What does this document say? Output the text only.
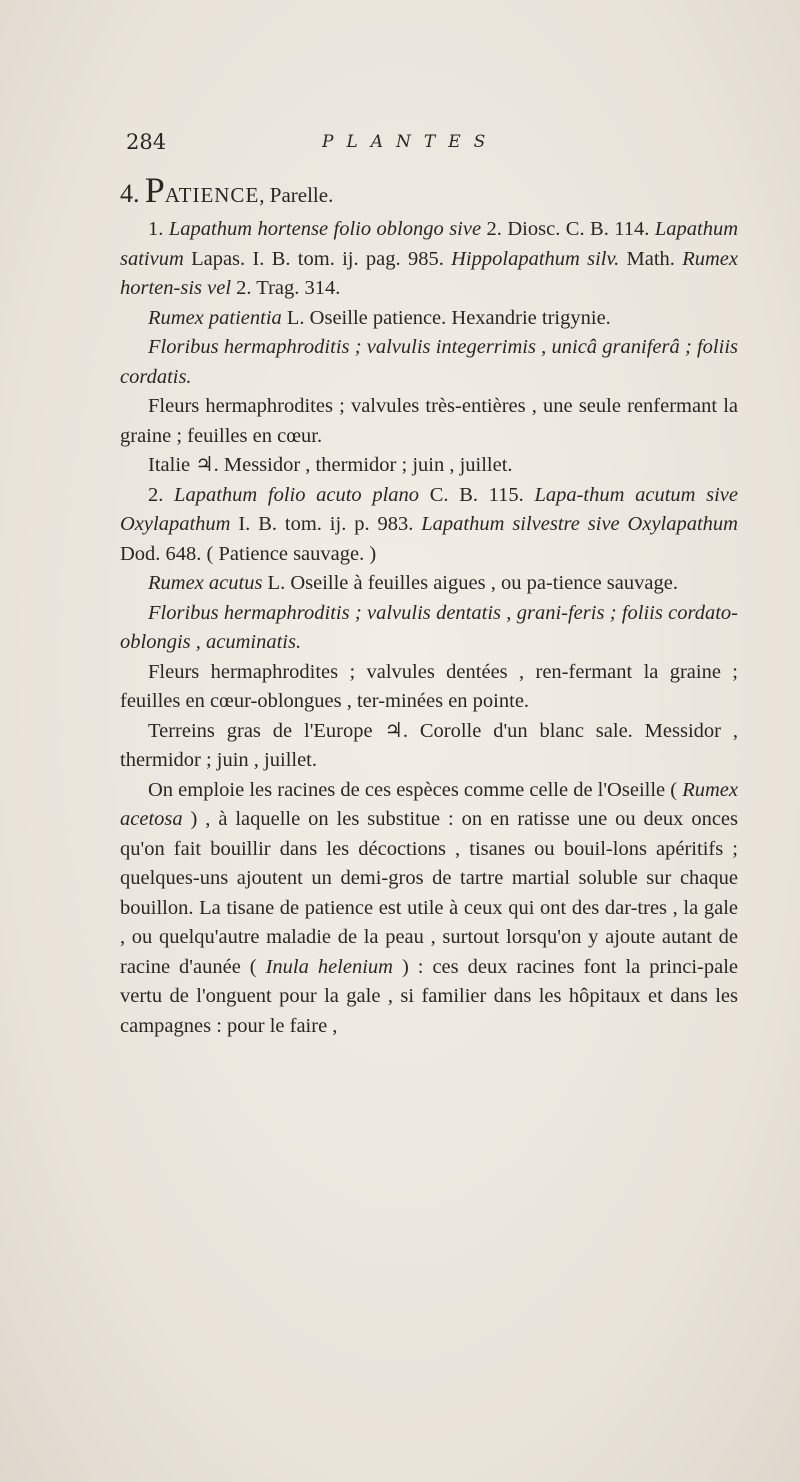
284	PLANTES

4. PATIENCE, Parelle.

1. Lapathum hortense folio oblongo sive 2. Diosc. C. B. 114. Lapathum sativum Lapas. I. B. tom. ij. pag. 985. Hippolapathum silv. Math. Rumex horten-sis vel 2. Trag. 314.

Rumex patientia L. Oseille patience. Hexandrie trigynie.

Floribus hermaphroditis ; valvulis integerrimis , unicâ graniferâ ; foliis cordatis.

Fleurs hermaphrodites ; valvules très-entières , une seule renfermant la graine ; feuilles en cœur.

Italie ♃. Messidor , thermidor ; juin , juillet.

2. Lapathum folio acuto plano C. B. 115. Lapa-thum acutum sive Oxylapathum I. B. tom. ij. p. 983. Lapathum silvestre sive Oxylapathum Dod. 648. ( Patience sauvage. )

Rumex acutus L. Oseille à feuilles aigues , ou pa-tience sauvage.

Floribus hermaphroditis ; valvulis dentatis , grani-feris ; foliis cordato-oblongis , acuminatis.

Fleurs hermaphrodites ; valvules dentées , ren-fermant la graine ; feuilles en cœur-oblongues , ter-minées en pointe.

Terreins gras de l'Europe ♃. Corolle d'un blanc sale. Messidor , thermidor ; juin , juillet.

On emploie les racines de ces espèces comme celle de l'Oseille ( Rumex acetosa ) , à laquelle on les substitue : on en ratisse une ou deux onces qu'on fait bouillir dans les décoctions , tisanes ou bouil-lons apéritifs ; quelques-uns ajoutent un demi-gros de tartre martial soluble sur chaque bouillon. La tisane de patience est utile à ceux qui ont des dar-tres , la gale , ou quelqu'autre maladie de la peau , surtout lorsqu'on y ajoute autant de racine d'aunée ( Inula helenium ) : ces deux racines font la princi-pale vertu de l'onguent pour la gale , si familier dans les hôpitaux et dans les campagnes : pour le faire ,
